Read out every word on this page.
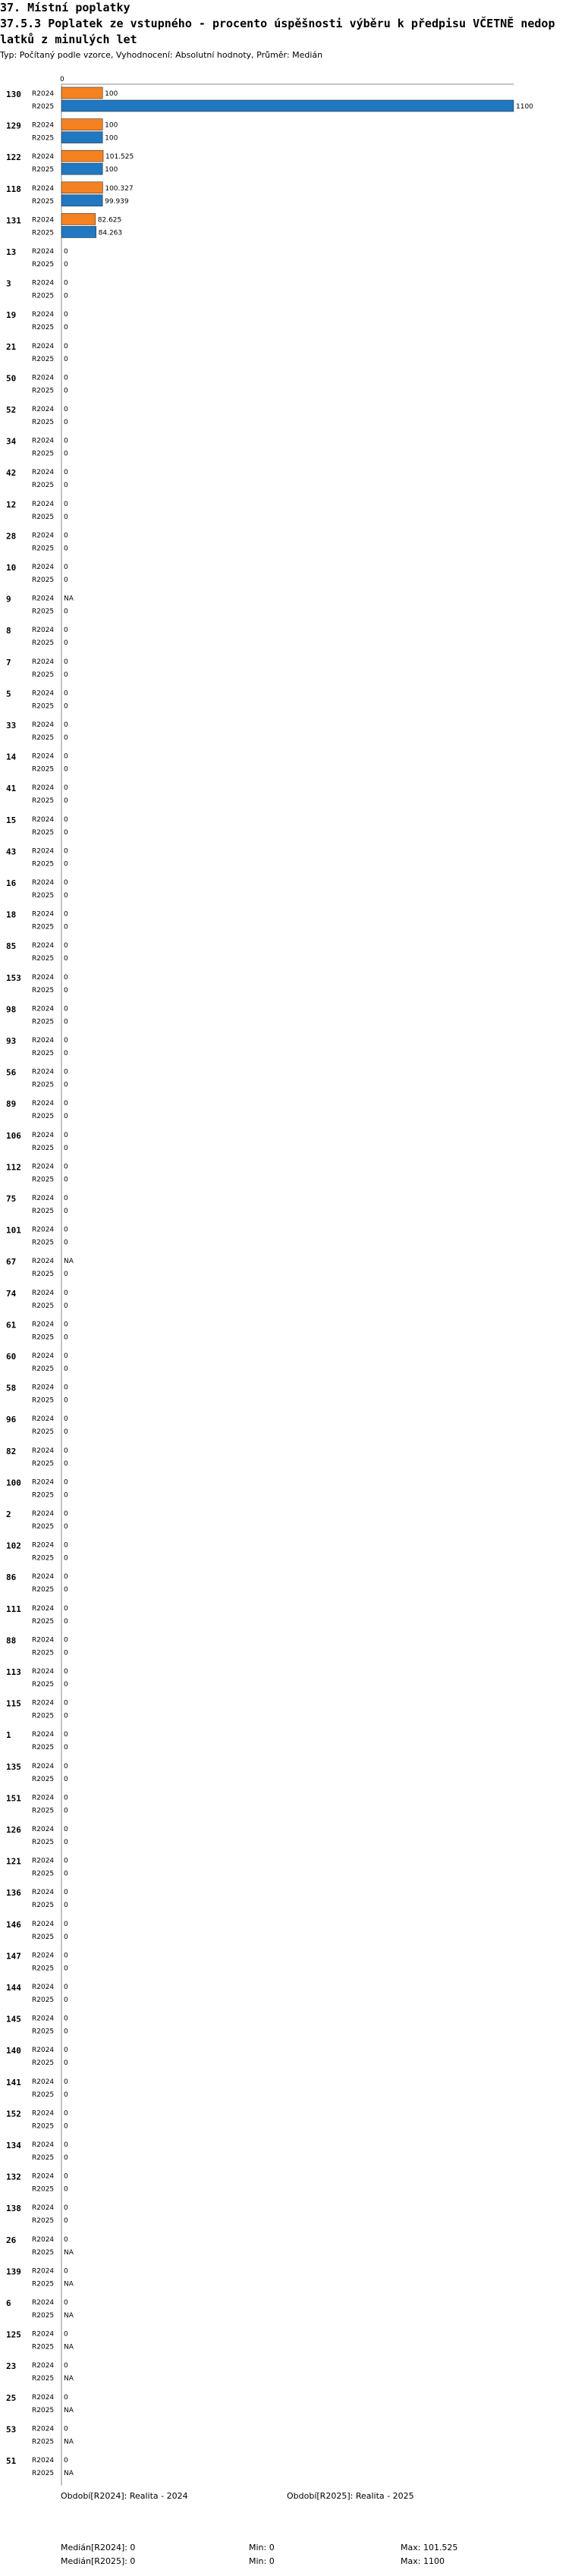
37. Místní poplatky
37.5.3 Poplatek ze vstupného - procento úspěšnosti výběru k předpisu VČETNĚ nedop
latků z minulých let
Typ: Počítaný podle vzorce, Vyhodnocení: Absolutní hodnoty, Průměr: Medián
0
130 R2024	100
R2025	1100
129 R2024	100
R2025	100
122 R2024	101.525
R2025	100
118 R2024	100.327
R2025	99.939
131 R2024	82.625
R2025	84.263
13 R2024 0
R2025 0
3	R2024 0
R2025 0
19 R2024 0
R2025 0
21 R2024 0
R2025 0
50 R2024 0
R2025 0
52 R2024 0
R2025 0
34 R2024 0
R2025 0
42 R2024 0
R2025 0
12 R2024 0
R2025 0
28 R2024 0
R2025 0
10 R2024 0
R2025 0
9	R2024 NA
R2025 0
8	R2024 0
R2025 0
7	R2024 0
R2025 0
5	R2024 0
R2025 0
33 R2024 0
R2025 0
14 R2024 0
R2025 0
41 R2024 0
R2025 0
15 R2024 0
R2025 0
43 R2024 0
R2025 0
16 R2024 0
R2025 0
18 R2024 0
R2025 0
85 R2024 0
R2025 0
153 R2024 0
R2025 0
98 R2024 0
R2025 0
93 R2024 0
R2025 0
56 R2024 0
R2025 0
89 R2024 0
R2025 0
106 R2024 0
R2025 0
112 R2024 0
R2025 0
75 R2024 0
R2025 0
101 R2024 0
R2025 0
67 R2024 NA
R2025 0
74 R2024 0
R2025 0
61 R2024 0
R2025 0
60 R2024 0
R2025 0
58 R2024 0
R2025 0
96 R2024 0
R2025 0
82 R2024 0
R2025 0
100 R2024 0
R2025 0
2	R2024 0
R2025 0
102 R2024 0
R2025 0
86 R2024 0
R2025 0
111 R2024 0
R2025 0
88 R2024 0
R2025 0
113 R2024 0
R2025 0
115 R2024 0
R2025 0
1	R2024 0
R2025 0
135 R2024 0
R2025 0
151 R2024 0
R2025 0
126 R2024 0
R2025 0
121 R2024 0
R2025 0
136 R2024 0
R2025 0
146 R2024 0
R2025 0
147 R2024 0
R2025 0
144 R2024 0
R2025 0
145 R2024 0
R2025 0
140 R2024 0
R2025 0
141 R2024 0
R2025 0
152 R2024 0
R2025 0
134 R2024 0
R2025 0
132 R2024 0
R2025 0
138 R2024 0
R2025 0
26 R2024 0
R2025 NA
139 R2024 0
R2025 NA
6	R2024 0
R2025 NA
125 R2024 0
R2025 NA
23 R2024 0
R2025 NA
25 R2024 0
R2025 NA
53 R2024 0
R2025 NA
51 R2024 0
R2025 NA
Období[R2024]: Realita - 2024	Období[R2025]: Realita - 2025
Medián[R2024]: 0	Min: 0	Max: 101.525
Medián[R2025]: 0	Min: 0	Max: 1100
